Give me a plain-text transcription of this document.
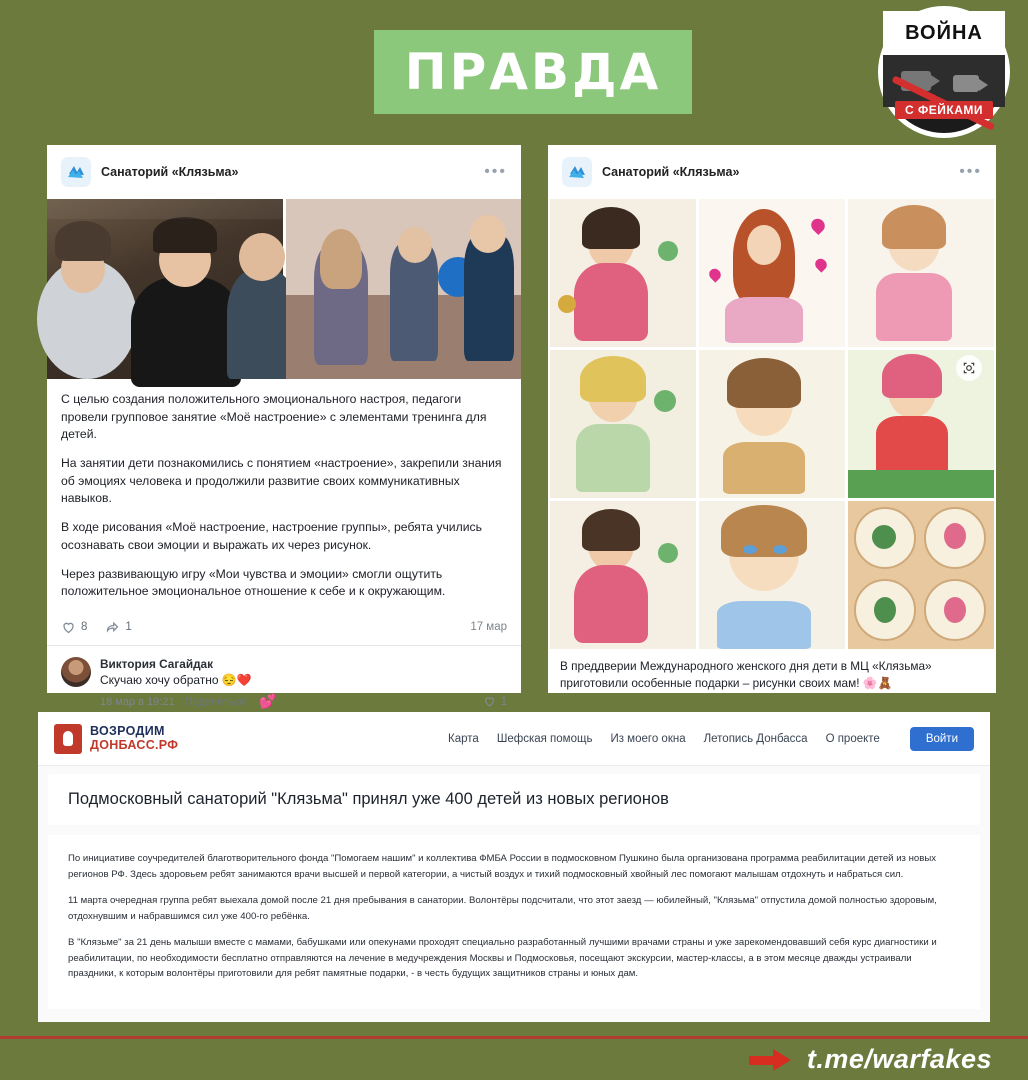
ПРАВДА
ВОЙНА
С ФЕЙКАМИ
Санаторий «Клязьма»	•••

С целью создания положительного эмоционального настроя, педагоги провели групповое занятие «Моё настроение» с элементами тренинга для детей.

На занятии дети познакомились с понятием «настроение», закрепили знания об эмоциях человека и продолжили развитие своих коммуникативных навыков.

В ходе рисования «Моё настроение, настроение группы», ребята учились осознавать свои эмоции и выражать их через рисунок.

Через развивающую игру «Мои чувства и эмоции» смогли ощутить положительное эмоциональное отношение к себе и к окружающим.

8	1	17 мар
Виктория Сагайдак
Скучаю хочу обратно 😔❤️
18 мар в 19:21 Поделиться 💕	1
Санаторий «Клязьма»	•••
В преддверии Международного женского дня дети в МЦ «Клязьма» приготовили особенные подарки – рисунки своих мам! 🌸🧸
ВОЗРОДИМ
ДОНБАСС.РФ	Карта Шефская помощь Из моего окна Летопись Донбасса О проекте	Войти
Подмосковный санаторий "Клязьма" принял уже 400 детей из новых регионов

По инициативе соучредителей благотворительного фонда "Помогаем нашим" и коллектива ФМБА России в подмосковном Пушкино была организована программа реабилитации детей из новых регионов РФ. Здесь здоровьем ребят занимаются врачи высшей и первой категории, а чистый воздух и тихий подмосковный хвойный лес помогают малышам отдохнуть и набраться сил.

11 марта очередная группа ребят выехала домой после 21 дня пребывания в санатории. Волонтёры подсчитали, что этот заезд — юбилейный, "Клязьма" отпустила домой полностью здоровым, отдохнувшим и набравшимся сил уже 400-го ребёнка.

В "Клязьме" за 21 день малыши вместе с мамами, бабушками или опекунами проходят специально разработанный лучшими врачами страны и уже зарекомендовавший себя курс диагностики и реабилитации, по необходимости бесплатно отправляются на лечение в медучреждения Москвы и Подмосковья, посещают экскурсии, мастер-классы, а в этом месяце дважды устраивали праздники, к которым волонтёры приготовили для ребят памятные подарки, - в честь будущих защитников страны и юных дам.

t.me/warfakes
